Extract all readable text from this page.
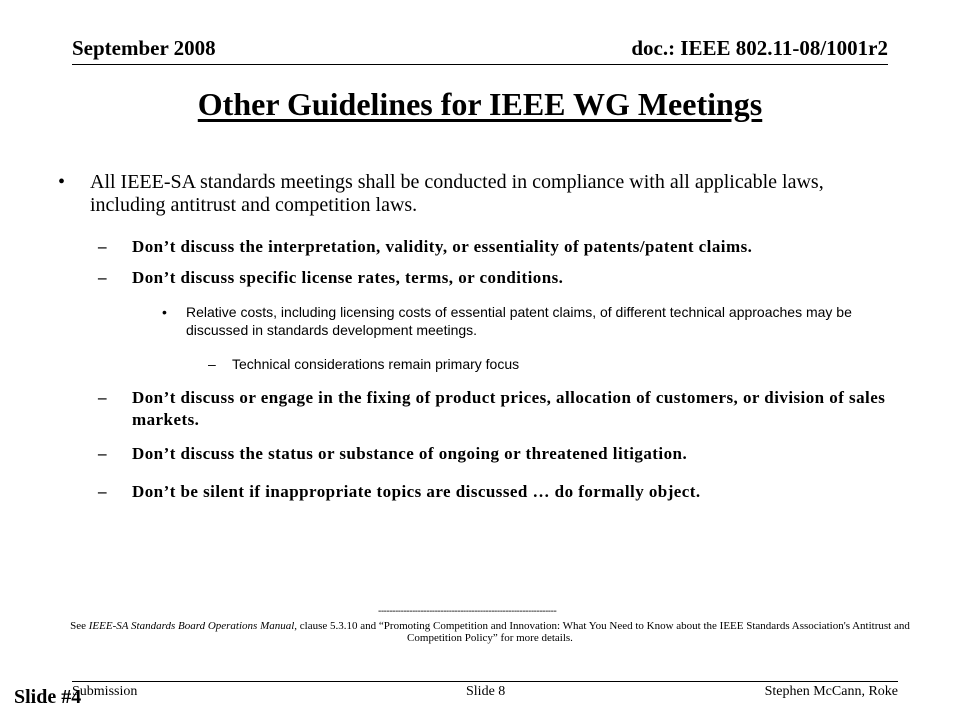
September 2008	doc.: IEEE 802.11-08/1001r2
Other Guidelines for IEEE WG Meetings
• All IEEE-SA standards meetings shall be conducted in compliance with all applicable laws, including antitrust and competition laws.
– Don’t discuss the interpretation, validity, or essentiality of patents/patent claims.
– Don’t discuss specific license rates, terms, or conditions.
• Relative costs, including licensing costs of essential patent claims, of different technical approaches may be discussed in standards development meetings.
– Technical considerations remain primary focus
– Don’t discuss or engage in the fixing of product prices, allocation of customers, or division of sales markets.
– Don’t discuss the status or substance of ongoing or threatened litigation.
– Don’t be silent if inappropriate topics are discussed … do formally object.
---------------------------------------------------------------
See IEEE-SA Standards Board Operations Manual, clause 5.3.10 and “Promoting Competition and Innovation: What You Need to Know about the IEEE Standards Association's Antitrust and Competition Policy” for more details.
Submission	Slide 8	Stephen McCann, Roke
Slide #4
